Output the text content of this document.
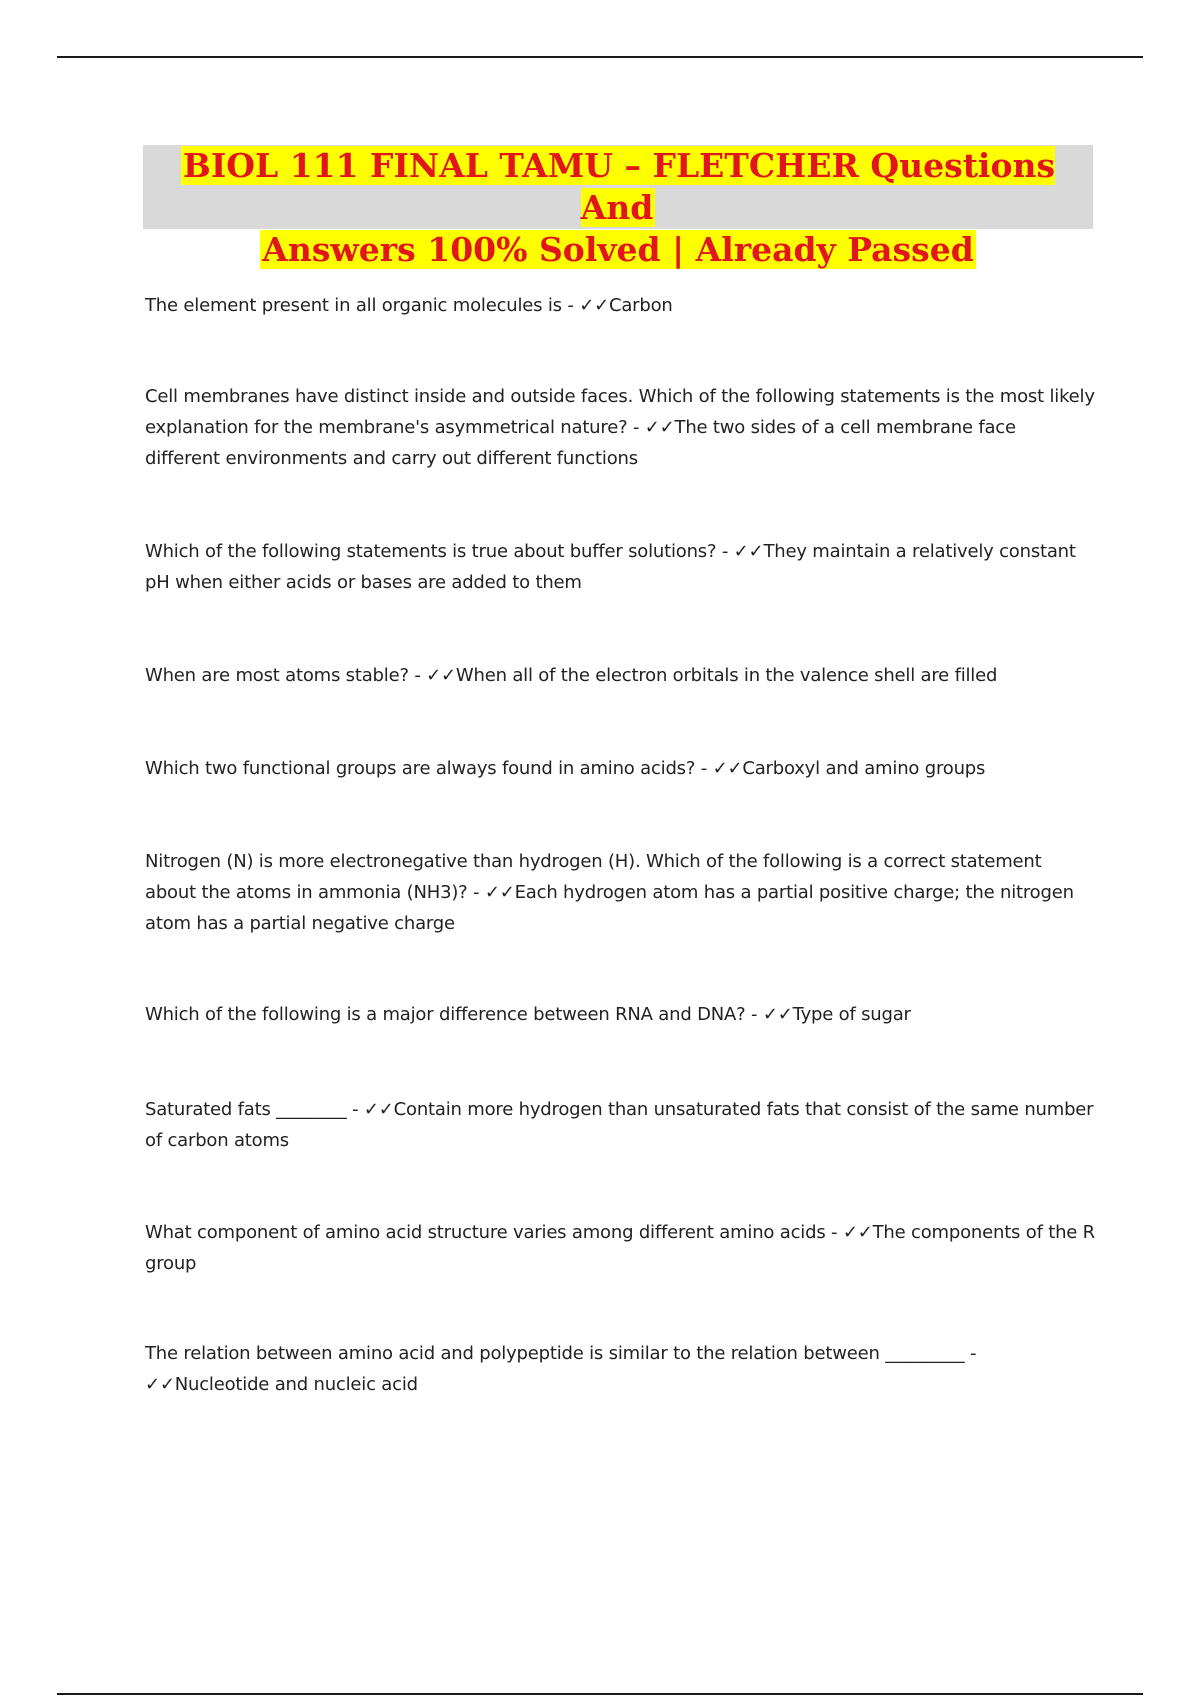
BIOL 111 FINAL TAMU – FLETCHER Questions And
Answers 100% Solved | Already Passed
The element present in all organic molecules is - ✓✓Carbon
Cell membranes have distinct inside and outside faces. Which of the following statements is the most likely explanation for the membrane's asymmetrical nature? - ✓✓The two sides of a cell membrane face different environments and carry out different functions
Which of the following statements is true about buffer solutions? - ✓✓They maintain a relatively constant pH when either acids or bases are added to them
When are most atoms stable? - ✓✓When all of the electron orbitals in the valence shell are filled
Which two functional groups are always found in amino acids? - ✓✓Carboxyl and amino groups
Nitrogen (N) is more electronegative than hydrogen (H). Which of the following is a correct statement about the atoms in ammonia (NH3)? - ✓✓Each hydrogen atom has a partial positive charge; the nitrogen atom has a partial negative charge
Which of the following is a major difference between RNA and DNA? - ✓✓Type of sugar
Saturated fats ________ - ✓✓Contain more hydrogen than unsaturated fats that consist of the same number of carbon atoms
What component of amino acid structure varies among different amino acids - ✓✓The components of the R group
The relation between amino acid and polypeptide is similar to the relation between _________ - ✓✓Nucleotide and nucleic acid
